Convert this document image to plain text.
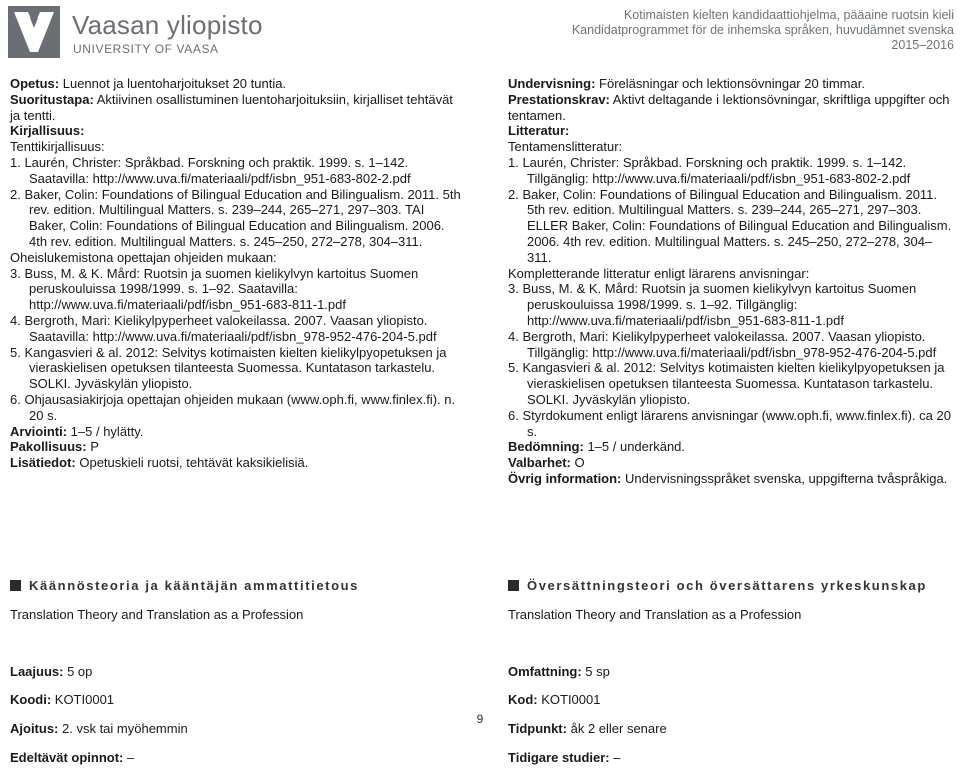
Vaasan yliopisto
UNIVERSITY OF VAASA
Kotimaisten kielten kandidaattiohjelma, pääaine ruotsin kieli
Kandidatprogrammet för de inhemska språken, huvudämnet svenska
2015–2016

Opetus: Luennot ja luentoharjoitukset 20 tuntia.

Suoritustapa: Aktiivinen osallistuminen luentoharjoituksiin, kirjalliset tehtävät ja tentti.

Kirjallisuus:

Tenttikirjallisuus:

1. Laurén, Christer: Språkbad. Forskning och praktik. 1999. s. 1–142. Saatavilla: http://www.uva.fi/materiaali/pdf/isbn_951-683-802-2.pdf

2. Baker, Colin: Foundations of Bilingual Education and Bilingualism. 2011. 5th rev. edition. Multilingual Matters. s. 239–244, 265–271, 297–303. TAI Baker, Colin: Foundations of Bilingual Education and Bilingualism. 2006. 4th rev. edition. Multilingual Matters. s. 245–250, 272–278, 304–311.

Oheislukemistona opettajan ohjeiden mukaan:

3. Buss, M. & K. Mård: Ruotsin ja suomen kielikylvyn kartoitus Suomen peruskouluissa 1998/1999. s. 1–92. Saatavilla: http://www.uva.fi/materiaali/pdf/isbn_951-683-811-1.pdf

4. Bergroth, Mari: Kielikylpyperheet valokeilassa. 2007. Vaasan yliopisto. Saatavilla: http://www.uva.fi/materiaali/pdf/isbn_978-952-476-204-5.pdf

5. Kangasvieri & al. 2012: Selvitys kotimaisten kielten kielikylpyopetuksen ja vieraskielisen opetuksen tilanteesta Suomessa. Kuntatason tarkastelu. SOLKI. Jyväskylän yliopisto.

6. Ohjausasiakirjoja opettajan ohjeiden mukaan (www.oph.fi, www.finlex.fi). n. 20 s.

Arviointi: 1–5 / hylätty.

Pakollisuus: P

Lisätiedot: Opetuskieli ruotsi, tehtävät kaksikielisiä.

Undervisning: Föreläsningar och lektionsövningar 20 timmar.

Prestationskrav: Aktivt deltagande i lektionsövningar, skriftliga uppgifter och tentamen.

Litteratur:

Tentamenslitteratur:

1. Laurén, Christer: Språkbad. Forskning och praktik. 1999. s. 1–142. Tillgänglig: http://www.uva.fi/materiaali/pdf/isbn_951-683-802-2.pdf

2. Baker, Colin: Foundations of Bilingual Education and Bilingualism. 2011. 5th rev. edition. Multilingual Matters. s. 239–244, 265–271, 297–303. ELLER Baker, Colin: Foundations of Bilingual Education and Bilingualism. 2006. 4th rev. edition. Multilingual Matters. s. 245–250, 272–278, 304–311.

Kompletterande litteratur enligt lärarens anvisningar:

3. Buss, M. & K. Mård: Ruotsin ja suomen kielikylvyn kartoitus Suomen peruskouluissa 1998/1999. s. 1–92. Tillgänglig: http://www.uva.fi/materiaali/pdf/isbn_951-683-811-1.pdf

4. Bergroth, Mari: Kielikylpyperheet valokeilassa. 2007. Vaasan yliopisto. Tillgänglig: http://www.uva.fi/materiaali/pdf/isbn_978-952-476-204-5.pdf

5. Kangasvieri & al. 2012: Selvitys kotimaisten kielten kielikylpyopetuksen ja vieraskielisen opetuksen tilanteesta Suomessa. Kuntatason tarkastelu. SOLKI. Jyväskylän yliopisto.

6. Styrdokument enligt lärarens anvisningar (www.oph.fi, www.finlex.fi). ca 20 s.

Bedömning: 1–5 / underkänd.

Valbarhet: O

Övrig information: Undervisningsspråket svenska, uppgifterna tvåspråkiga.

Käännösteoria ja kääntäjän ammattitietous

Translation Theory and Translation as a Profession

Laajuus: 5 op

Koodi: KOTI0001

Ajoitus: 2. vsk tai myöhemmin

Edeltävät opinnot: –

Översättningsteori och översättarens yrkeskunskap

Translation Theory and Translation as a Profession

Omfattning: 5 sp

Kod: KOTI0001

Tidpunkt: åk 2 eller senare

Tidigare studier: –

9
